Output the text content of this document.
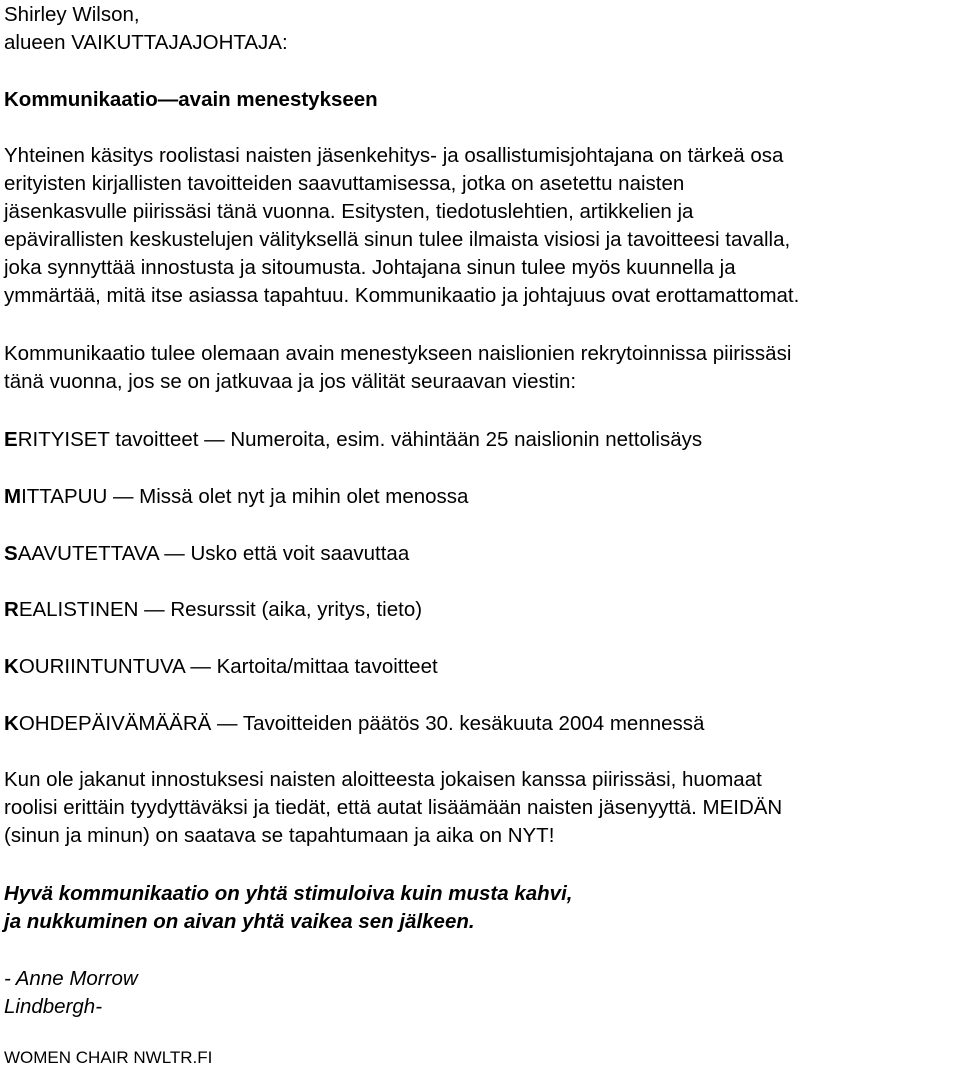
Shirley Wilson,
alueen VAIKUTTAJAJOHTAJA:
Kommunikaatio—avain menestykseen
Yhteinen käsitys roolistasi naisten jäsenkehitys- ja osallistumisjohtajana on tärkeä osa
erityisten kirjallisten tavoitteiden saavuttamisessa, jotka on asetettu naisten
jäsenkasvulle piirissäsi tänä vuonna. Esitysten, tiedotuslehtien, artikkelien ja
epävirallisten keskustelujen välityksellä sinun tulee ilmaista visiosi ja tavoitteesi tavalla,
joka synnyttää innostusta ja sitoumusta. Johtajana sinun tulee myös kuunnella ja
ymmärtää, mitä itse asiassa tapahtuu. Kommunikaatio ja johtajuus ovat erottamattomat.
Kommunikaatio tulee olemaan avain menestykseen naislionien rekrytoinnissa piirissäsi
tänä vuonna, jos se on jatkuvaa ja jos välität seuraavan viestin:
ERITYISET tavoitteet — Numeroita, esim. vähintään 25 naislionin nettolisäys
MITTAPUU — Missä olet nyt ja mihin olet menossa
SAAVUTETTAVA — Usko että voit saavuttaa
REALISTINEN — Resurssit (aika, yritys, tieto)
KOURIINTUNTUVA — Kartoita/mittaa tavoitteet
KOHDEPÄIVÄMÄÄRÄ — Tavoitteiden päätös 30. kesäkuuta 2004 mennessä
Kun ole jakanut innostuksesi naisten aloitteesta jokaisen kanssa piirissäsi, huomaat
roolisi erittäin tyydyttäväksi ja tiedät, että autat lisäämään naisten jäsenyyttä. MEIDÄN
(sinun ja minun) on saatava se tapahtumaan ja aika on NYT!
Hyvä kommunikaatio on yhtä stimuloiva kuin musta kahvi,
ja nukkuminen on aivan yhtä vaikea sen jälkeen.
- Anne Morrow
Lindbergh-
WOMEN CHAIR NWLTR.FI
